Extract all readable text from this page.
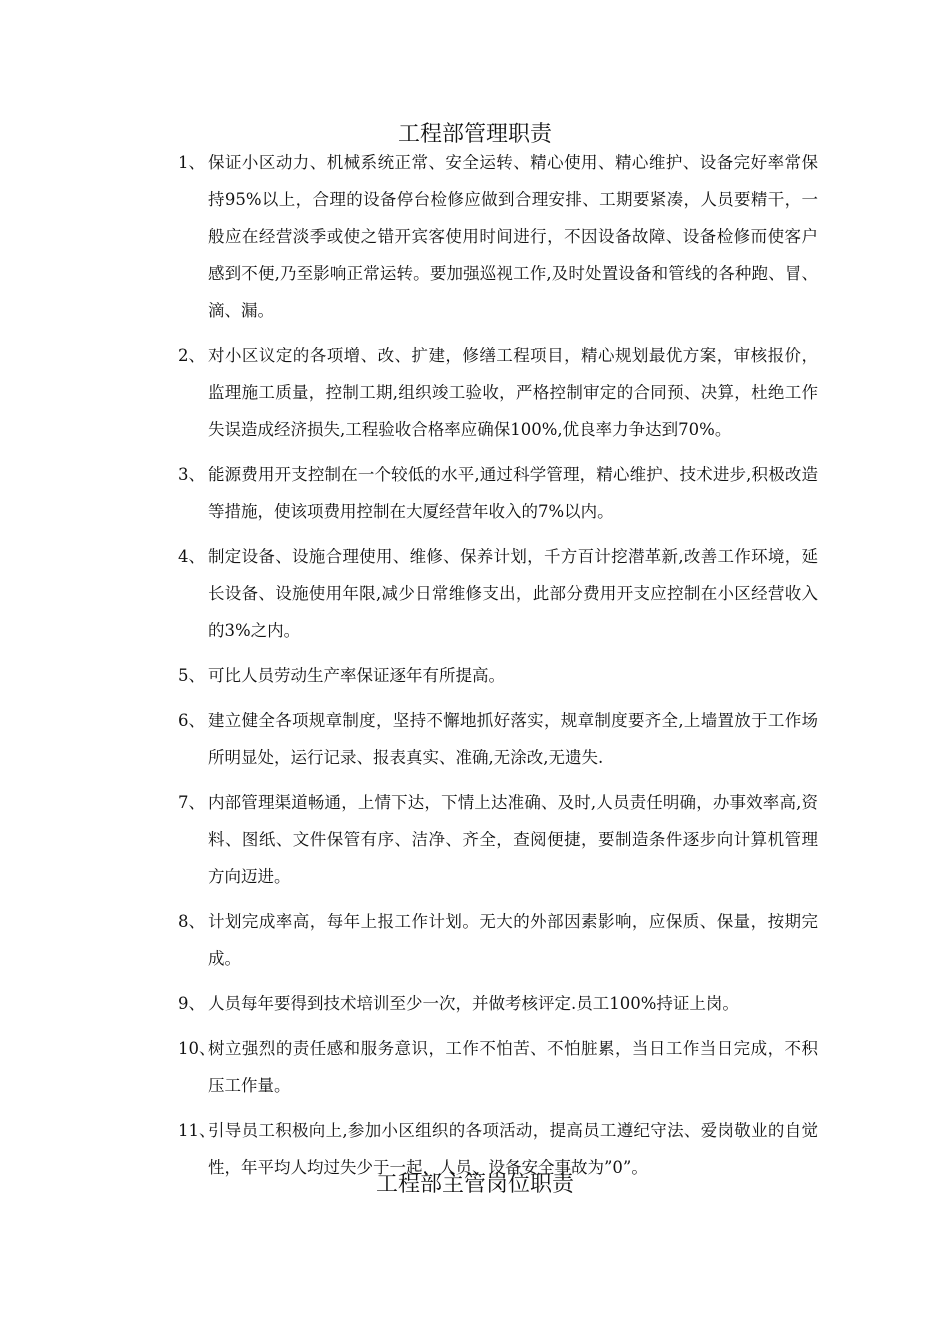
工程部管理职责
1、 保证小区动力、机械系统正常、安全运转、精心使用、精心维护、设备完好率常保持95%以上，合理的设备停台检修应做到合理安排、工期要紧凑，人员要精干，一般应在经营淡季或使之错开宾客使用时间进行，不因设备故障、设备检修而使客户感到不便,乃至影响正常运转。要加强巡视工作,及时处置设备和管线的各种跑、冒、滴、漏。
2、 对小区议定的各项增、改、扩建，修缮工程项目，精心规划最优方案，审核报价，监理施工质量，控制工期,组织竣工验收，严格控制审定的合同预、决算，杜绝工作失误造成经济损失,工程验收合格率应确保100%,优良率力争达到70%。
3、 能源费用开支控制在一个较低的水平,通过科学管理，精心维护、技术进步,积极改造等措施，使该项费用控制在大厦经营年收入的7%以内。
4、 制定设备、设施合理使用、维修、保养计划，千方百计挖潜革新,改善工作环境，延长设备、设施使用年限,减少日常维修支出，此部分费用开支应控制在小区经营收入的3%之内。
5、 可比人员劳动生产率保证逐年有所提高。
6、 建立健全各项规章制度，坚持不懈地抓好落实，规章制度要齐全,上墙置放于工作场所明显处，运行记录、报表真实、准确,无涂改,无遗失.
7、 内部管理渠道畅通，上情下达，下情上达准确、及时,人员责任明确，办事效率高,资料、图纸、文件保管有序、洁净、齐全，查阅便捷，要制造条件逐步向计算机管理方向迈进。
8、 计划完成率高，每年上报工作计划。无大的外部因素影响，应保质、保量，按期完成。
9、 人员每年要得到技术培训至少一次，并做考核评定.员工100%持证上岗。
10、
树立强烈的责任感和服务意识，工作不怕苦、不怕脏累，当日工作当日完成，不积压工作量。
11、
引导员工积极向上,参加小区组织的各项活动，提高员工遵纪守法、爱岗敬业的自觉性，年平均人均过失少于一起，人员、设备安全事故为”0”。
工程部主管岗位职责
